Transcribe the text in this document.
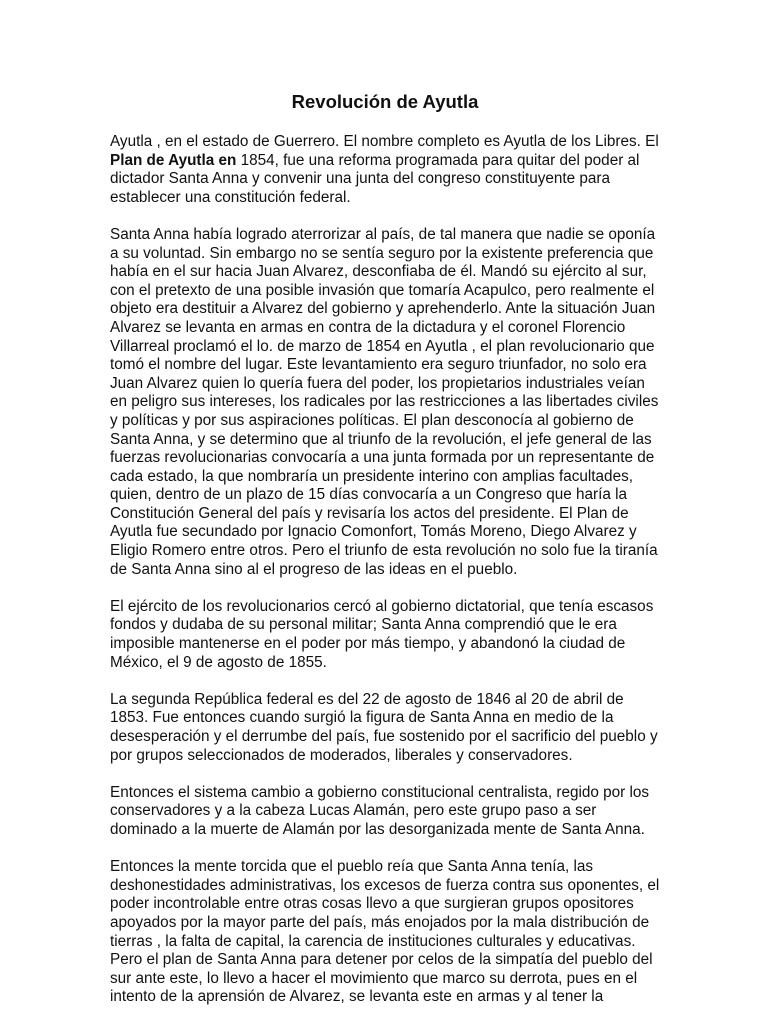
Revolución de Ayutla

Ayutla , en el estado de Guerrero. El nombre completo es Ayutla de los Libres. El Plan de Ayutla en 1854, fue una reforma programada para quitar del poder al dictador Santa Anna y convenir una junta del congreso constituyente para establecer una constitución federal.

Santa Anna había logrado aterrorizar al país, de tal manera que nadie se oponía a su voluntad. Sin embargo no se sentía seguro por la existente preferencia que había en el sur hacia Juan Alvarez, desconfiaba de él. Mandó su ejército al sur, con el pretexto de una posible invasión que tomaría Acapulco, pero realmente el objeto era destituir a Alvarez del gobierno y aprehenderlo. Ante la situación Juan Alvarez se levanta en armas en contra de la dictadura y el coronel Florencio Villarreal proclamó el lo. de marzo de 1854 en Ayutla , el plan revolucionario que tomó el nombre del lugar. Este levantamiento era seguro triunfador, no solo era Juan Alvarez quien lo quería fuera del poder, los propietarios industriales veían en peligro sus intereses, los radicales por las restricciones a las libertades civiles y políticas y por sus aspiraciones políticas. El plan desconocía al gobierno de Santa Anna, y se determino que al triunfo de la revolución, el jefe general de las fuerzas revolucionarias convocaría a una junta formada por un representante de cada estado, la que nombraría un presidente interino con amplias facultades, quien, dentro de un plazo de 15 días convocaría a un Congreso que haría la Constitución General del país y revisaría los actos del presidente. El Plan de Ayutla fue secundado por Ignacio Comonfort, Tomás Moreno, Diego Alvarez y Eligio Romero entre otros. Pero el triunfo de esta revolución no solo fue la tiranía de Santa Anna sino al el progreso de las ideas en el pueblo.

El ejército de los revolucionarios cercó al gobierno dictatorial, que tenía escasos fondos y dudaba de su personal militar; Santa Anna comprendió que le era imposible mantenerse en el poder por más tiempo, y abandonó la ciudad de México, el 9 de agosto de 1855.

La segunda República federal es del 22 de agosto de 1846 al 20 de abril de 1853. Fue entonces cuando surgió la figura de Santa Anna en medio de la desesperación y el derrumbe del país, fue sostenido por el sacrificio del pueblo y por grupos seleccionados de moderados, liberales y conservadores.

Entonces el sistema cambio a gobierno constitucional centralista, regido por los conservadores y a la cabeza Lucas Alamán, pero este grupo paso a ser dominado a la muerte de Alamán por las desorganizada mente de Santa Anna.

Entonces la mente torcida que el pueblo reía que Santa Anna tenía, las deshonestidades administrativas, los excesos de fuerza contra sus oponentes, el poder incontrolable entre otras cosas llevo a que surgieran grupos opositores apoyados por la mayor parte del país, más enojados por la mala distribución de tierras , la falta de capital, la carencia de instituciones culturales y educativas. Pero el plan de Santa Anna para detener por celos de la simpatía del pueblo del sur ante este, lo llevo a hacer el movimiento que marco su derrota, pues en el intento de la aprensión de Alvarez, se levanta este en armas y al tener la
